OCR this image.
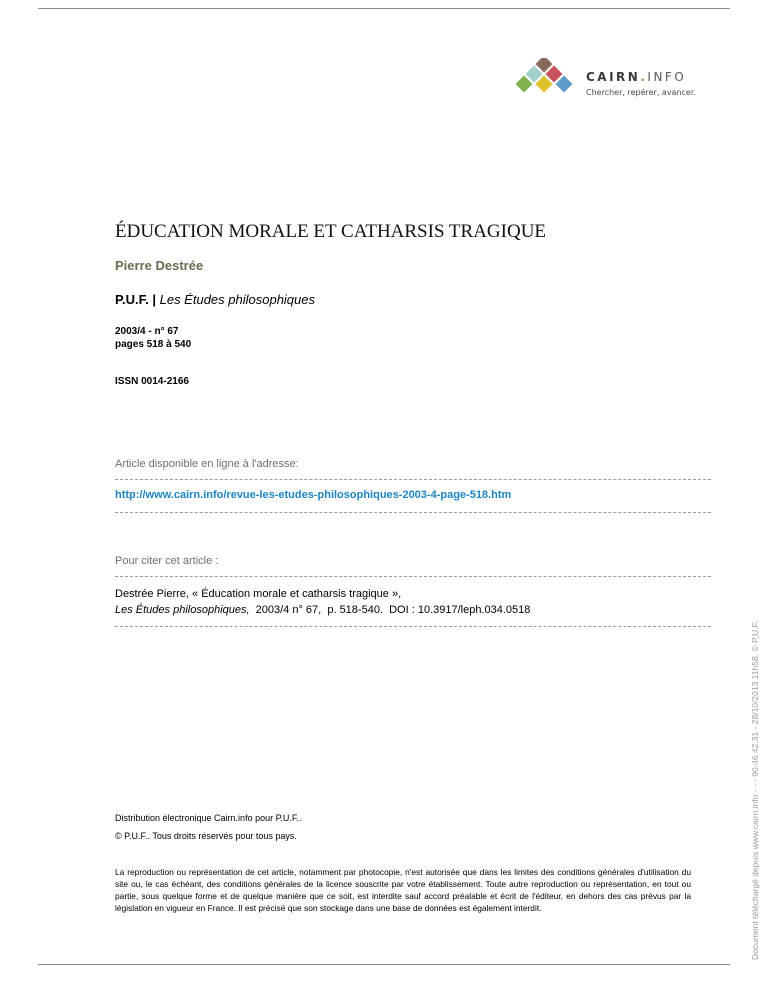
CAIRN.INFO
Chercher, repérer, avancer.
ÉDUCATION MORALE ET CATHARSIS TRAGIQUE
Pierre Destrée
P.U.F. | Les Études philosophiques
2003/4 - n° 67
pages 518 à 540
ISSN 0014-2166
Article disponible en ligne à l'adresse:
http://www.cairn.info/revue-les-etudes-philosophiques-2003-4-page-518.htm
Pour citer cet article :
Destrée Pierre, « Éducation morale et catharsis tragique »,
Les Études philosophiques,  2003/4 n° 67,  p. 518-540.  DOI : 10.3917/leph.034.0518
Document téléchargé depuis www.cairn.info - - - 90.46.42.31 - 28/10/2013 11h58. © P.U.F.
Distribution électronique Cairn.info pour P.U.F..
© P.U.F.. Tous droits réservés pour tous pays.
La reproduction ou représentation de cet article, notamment par photocopie, n'est autorisée que dans les limites des conditions générales d'utilisation du site ou, le cas échéant, des conditions générales de la licence souscrite par votre établissement. Toute autre reproduction ou représentation, en tout ou partie, sous quelque forme et de quelque manière que ce soit, est interdite sauf accord préalable et écrit de l'éditeur, en dehors des cas prévus par la législation en vigueur en France. Il est précisé que son stockage dans une base de données est également interdit.
